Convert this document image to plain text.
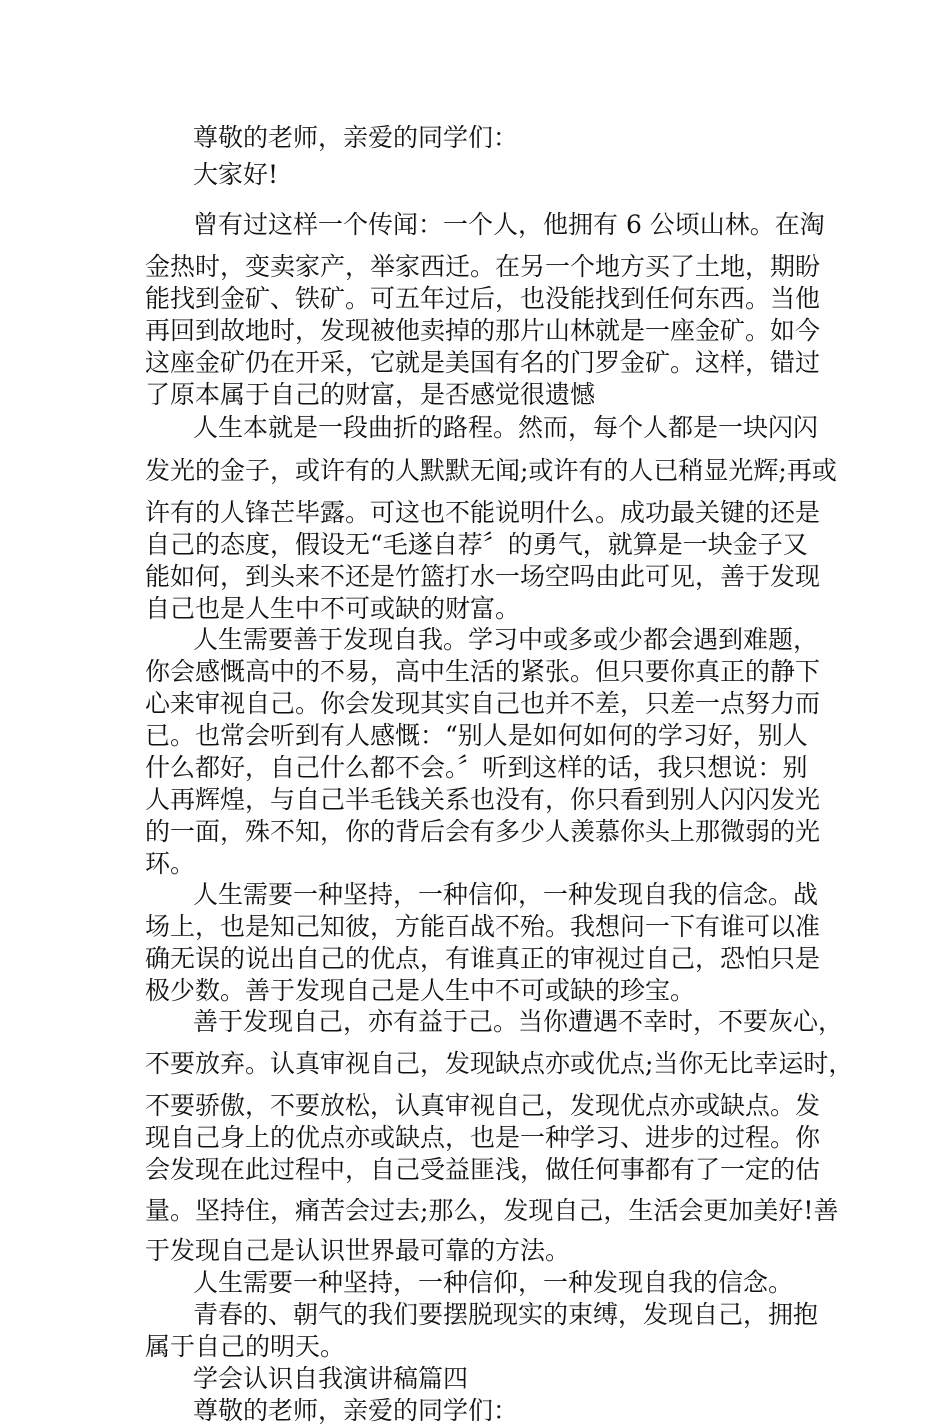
尊敬的老师，亲爱的同学们：

大家好!

曾有过这样一个传闻：一个人，他拥有 6 公顷山林。在淘

金热时，变卖家产，举家西迁。在另一个地方买了土地，期盼

能找到金矿、铁矿。可五年过后，也没能找到任何东西。当他

再回到故地时，发现被他卖掉的那片山林就是一座金矿。如今

这座金矿仍在开采，它就是美国有名的门罗金矿。这样，错过

了原本属于自己的财富，是否感觉很遗憾

人生本就是一段曲折的路程。然而，每个人都是一块闪闪

发光的金子，或许有的人默默无闻;或许有的人已稍显光辉;再或

许有的人锋芒毕露。可这也不能说明什么。成功最关键的还是

自己的态度，假设无“毛遂自荐〞的勇气，就算是一块金子又

能如何，到头来不还是竹篮打水一场空吗由此可见，善于发现

自己也是人生中不可或缺的财富。

人生需要善于发现自我。学习中或多或少都会遇到难题，

你会感慨高中的不易，高中生活的紧张。但只要你真正的静下

心来审视自己。你会发现其实自己也并不差，只差一点努力而

已。也常会听到有人感慨：“别人是如何如何的学习好，别人

什么都好，自己什么都不会。〞听到这样的话，我只想说：别

人再辉煌，与自己半毛钱关系也没有，你只看到别人闪闪发光

的一面，殊不知，你的背后会有多少人羡慕你头上那微弱的光

环。

人生需要一种坚持，一种信仰，一种发现自我的信念。战

场上，也是知己知彼，方能百战不殆。我想问一下有谁可以准

确无误的说出自己的优点，有谁真正的审视过自己，恐怕只是

极少数。善于发现自己是人生中不可或缺的珍宝。

善于发现自己，亦有益于己。当你遭遇不幸时，不要灰心，

不要放弃。认真审视自己，发现缺点亦或优点;当你无比幸运时，

不要骄傲，不要放松，认真审视自己，发现优点亦或缺点。发

现自己身上的优点亦或缺点，也是一种学习、进步的过程。你

会发现在此过程中，自己受益匪浅，做任何事都有了一定的估

量。坚持住，痛苦会过去;那么，发现自己，生活会更加美好!善

于发现自己是认识世界最可靠的方法。

人生需要一种坚持，一种信仰，一种发现自我的信念。

青春的、朝气的我们要摆脱现实的束缚，发现自己，拥抱

属于自己的明天。

学会认识自我演讲稿篇四

尊敬的老师，亲爱的同学们：
